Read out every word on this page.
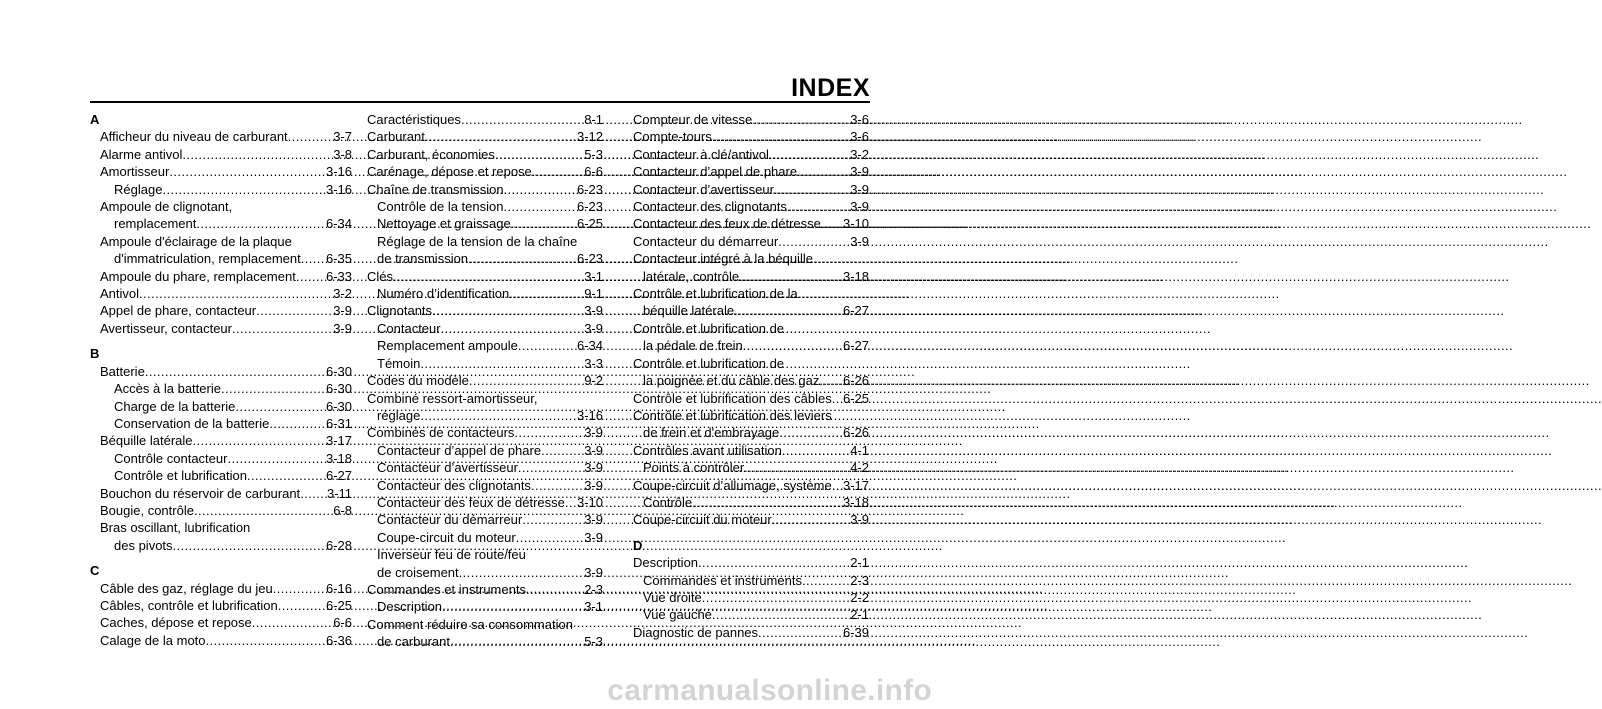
INDEX
A
Afficheur du niveau de carburant .....	3-7
Alarme antivol .....	3-8
Amortisseur .....	3-16
Réglage .....	3-16
Ampoule de clignotant,
remplacement .....	6-34
Ampoule d'éclairage de la plaque
d'immatriculation, remplacement ..... 6-35
Ampoule du phare, remplacement ..... 6-33
Antivol .....	3-2
Appel de phare, contacteur .....	3-9
Avertisseur, contacteur .....	3-9
B
Batterie .....	6-30
Accès à la batterie .....	6-30
Charge de la batterie .....	6-30
Conservation de la batterie .....	6-31
Béquille latérale .....	3-17
Contrôle contacteur .....	3-18
Contrôle et lubrification .....	6-27
Bouchon du réservoir de carburant ..... 3-11
Bougie, contrôle .....	6-8
Bras oscillant, lubrification
des pivots .....	6-28
C
Câble des gaz, réglage du jeu .....	6-16
Câbles, contrôle et lubrification .....	6-25
Caches, dépose et repose .....	6-6
Calage de la moto .....	6-36
Caractéristiques .....	8-1
Carburant .....	3-12
Carburant, économies .....	5-3
Carénage, dépose et repose .....	6-6
Chaîne de transmission .....	6-23
Contrôle de la tension .....	6-23
Nettoyage et graissage .....	6-25
Réglage de la tension de la chaîne
de transmission .....	6-23
Clés .....	3-1
Numéro d’identification .....	9-1
Clignotants .....	3-9
Contacteur .....	3-9
Remplacement ampoule .....	6-34
Témoin .....	3-3
Codes du modèle .....	9-2
Combiné ressort-amortisseur,
réglage .....	3-16
Combinés de contacteurs .....	3-9
Contacteur d’appel de phare .....	3-9
Contacteur d’avertisseur .....	3-9
Contacteur des clignotants .....	3-9
Contacteur des feux de détresse ..... 3-10
Contacteur du démarreur .....	3-9
Coupe-circuit du moteur .....	3-9
Inverseur feu de route/feu
de croisement .....	3-9
Commandes et instruments .....	2-3
Description .....	3-1
Comment réduire sa consommation
de carburant .....	5-3
Compteur de vitesse .....	3-6
Compte-tours .....	3-6
Contacteur à clé/antivol .....	3-2
Contacteur d’appel de phare .....	3-9
Contacteur d’avertisseur .....	3-9
Contacteur des clignotants .....	3-9
Contacteur des feux de détresse ..... 3-10
Contacteur du démarreur .....	3-9
Contacteur intégré à la béquille
latérale, contrôle .....	3-18
Contrôle et lubrification de la
béquille latérale .....	6-27
Contrôle et lubrification de
la pédale de frein .....	6-27
Contrôle et lubrification de
la poignée et du câble des gaz ..... 6-26
Contrôle et lubrification des câbles ..... 6-25
Contrôle et lubrification des leviers
de frein et d'embrayage .....	6-26
Contrôles avant utilisation .....	4-1
Points à contrôler .....	4-2
Coupe-circuit d’allumage, système ..... 3-17
Contrôle .....	3-18
Coupe-circuit du moteur .....	3-9
D
Description .....	2-1
Commandes et instruments .....	2-3
Vue droite .....	2-2
Vue gauche .....	2-1
Diagnostic de pannes .....	6-39
carmanualsonline.info
